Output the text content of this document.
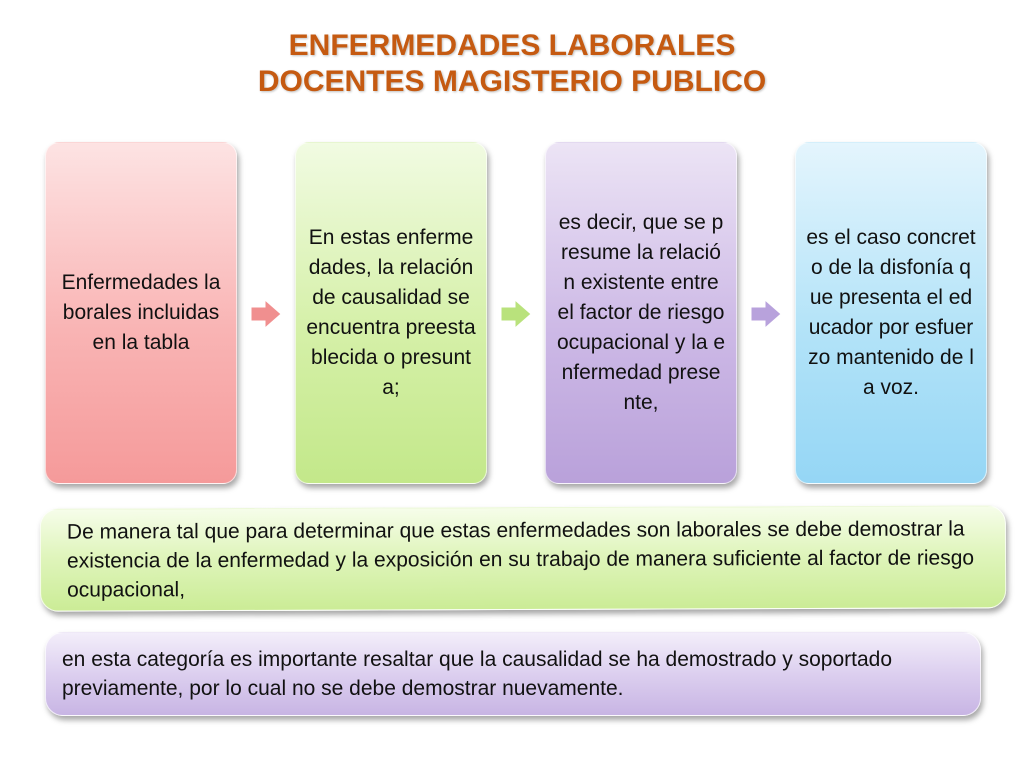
ENFERMEDADES LABORALES
DOCENTES MAGISTERIO PUBLICO
Enfermedades laborales incluidas en la tabla
En estas enfermedades, la relación de causalidad se encuentra preestablecida o presunta;
es decir, que se presume la relación existente entre el factor de riesgo ocupacional y la enfermedad presente,
es el caso concreto de la disfonía que presenta el educador por esfuerzo mantenido de la voz.
De manera tal que para determinar que estas enfermedades son laborales se debe demostrar la existencia de la enfermedad y la exposición en su trabajo de manera suficiente al factor de riesgo ocupacional,
en esta categoría es importante resaltar que la causalidad se ha demostrado y soportado previamente, por lo cual no se debe demostrar nuevamente.
